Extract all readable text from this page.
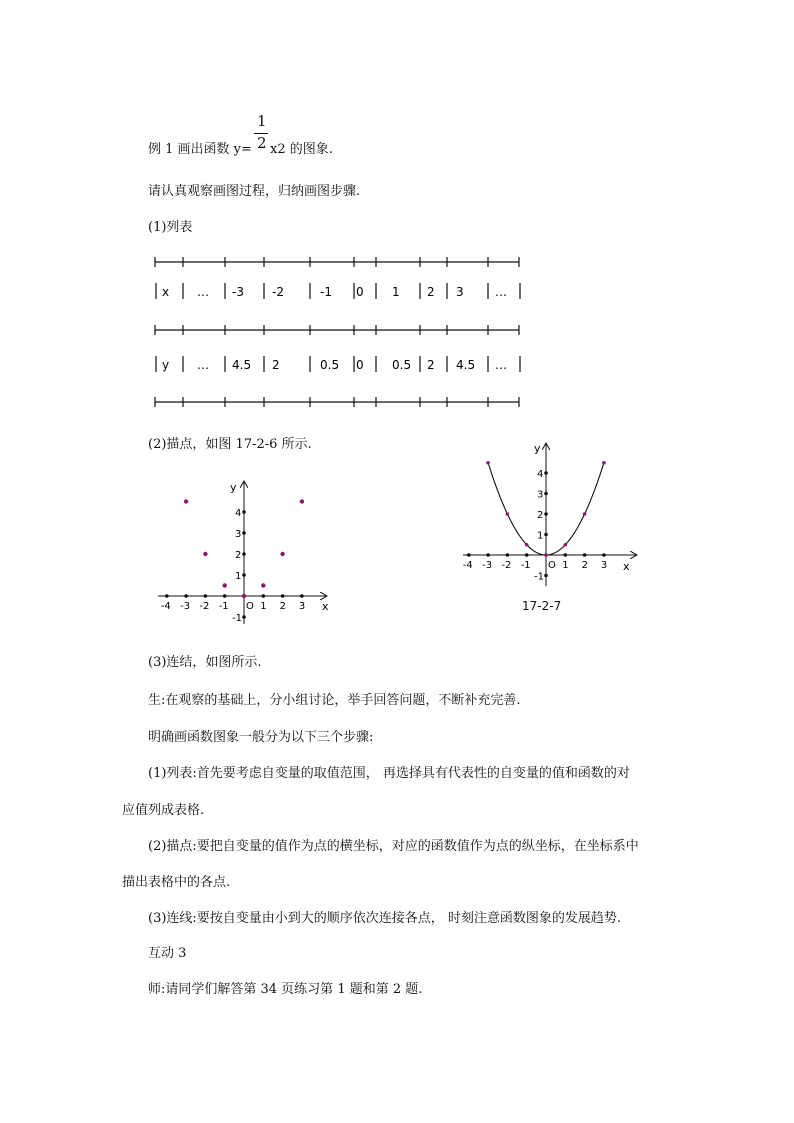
例 1 画出函数 y=
1
2 x2 的图象.
请认真观察画图过程，归纳画图步骤.
(1)列表
x … -3 -2	-1 0 1 2 3	…
y … 4.5 2	0.5 0 0.5 2 4.5 …
(2)描点，如图 17-2-6 所示.
x
y
-4 -3 -2 -1 O 1 2 3
4
3
2
1
-1
x
y
-4 -3 -2 -1 O 1 2 3
4
3
2
1
-1
17-2-7
(3)连结，如图所示.
生:在观察的基础上，分小组讨论，举手回答问题，不断补充完善.
明确画函数图象一般分为以下三个步骤:
(1)列表:首先要考虑自变量的取值范围， 再选择具有代表性的自变量的值和函数的对
应值列成表格.
(2)描点:要把自变量的值作为点的横坐标，对应的函数值作为点的纵坐标，在坐标系中
描出表格中的各点.
(3)连线:要按自变量由小到大的顺序依次连接各点， 时刻注意函数图象的发展趋势.
互动 3
师:请同学们解答第 34 页练习第 1 题和第 2 题.
